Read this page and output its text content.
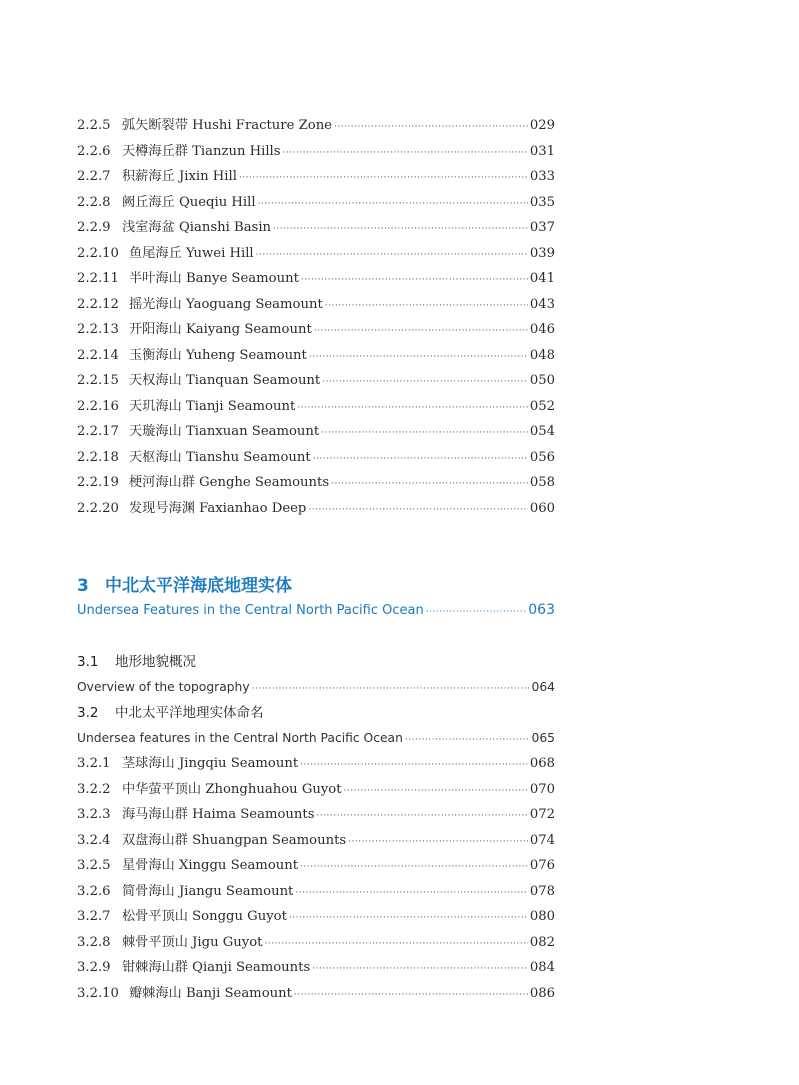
2.2.5 弧矢断裂带 Hushi Fracture Zone ·····	029
2.2.6 天樽海丘群 Tianzun Hills ·····	031
2.2.7 积薪海丘 Jixin Hill ·····	033
2.2.8 阙丘海丘 Queqiu Hill ·····	035
2.2.9 浅室海盆 Qianshi Basin ·····	037
2.2.10 鱼尾海丘 Yuwei Hill ·····	039
2.2.11 半叶海山 Banye Seamount ·····	041
2.2.12 摇光海山 Yaoguang Seamount ·····	043
2.2.13 开阳海山 Kaiyang Seamount ·····	046
2.2.14 玉衡海山 Yuheng Seamount ·····	048
2.2.15 天权海山 Tianquan Seamount ·····	050
2.2.16 天玑海山 Tianji Seamount ·····	052
2.2.17 天璇海山 Tianxuan Seamount ·····	054
2.2.18 天枢海山 Tianshu Seamount ·····	056
2.2.19 梗河海山群 Genghe Seamounts ·····	058
2.2.20 发现号海渊 Faxianhao Deep ·····	060
3 中北太平洋海底地理实体
Undersea Features in the Central North Pacific Ocean ·····	063
3.1	地形地貌概况
Overview of the topography ·····	064
3.2	中北太平洋地理实体命名
Undersea features in the Central North Pacific Ocean ·····	065
3.2.1 茎球海山 Jingqiu Seamount ·····	068
3.2.2 中华萤平顶山 Zhonghuahou Guyot ·····	070
3.2.3 海马海山群 Haima Seamounts ·····	072
3.2.4 双盘海山群 Shuangpan Seamounts ·····	074
3.2.5 星骨海山 Xinggu Seamount ·····	076
3.2.6 简骨海山 Jiangu Seamount ·····	078
3.2.7 松骨平顶山 Songgu Guyot ·····	080
3.2.8 棘骨平顶山 Jigu Guyot ·····	082
3.2.9 钳棘海山群 Qianji Seamounts ·····	084
3.2.10 瓣棘海山 Banji Seamount ·····	086
